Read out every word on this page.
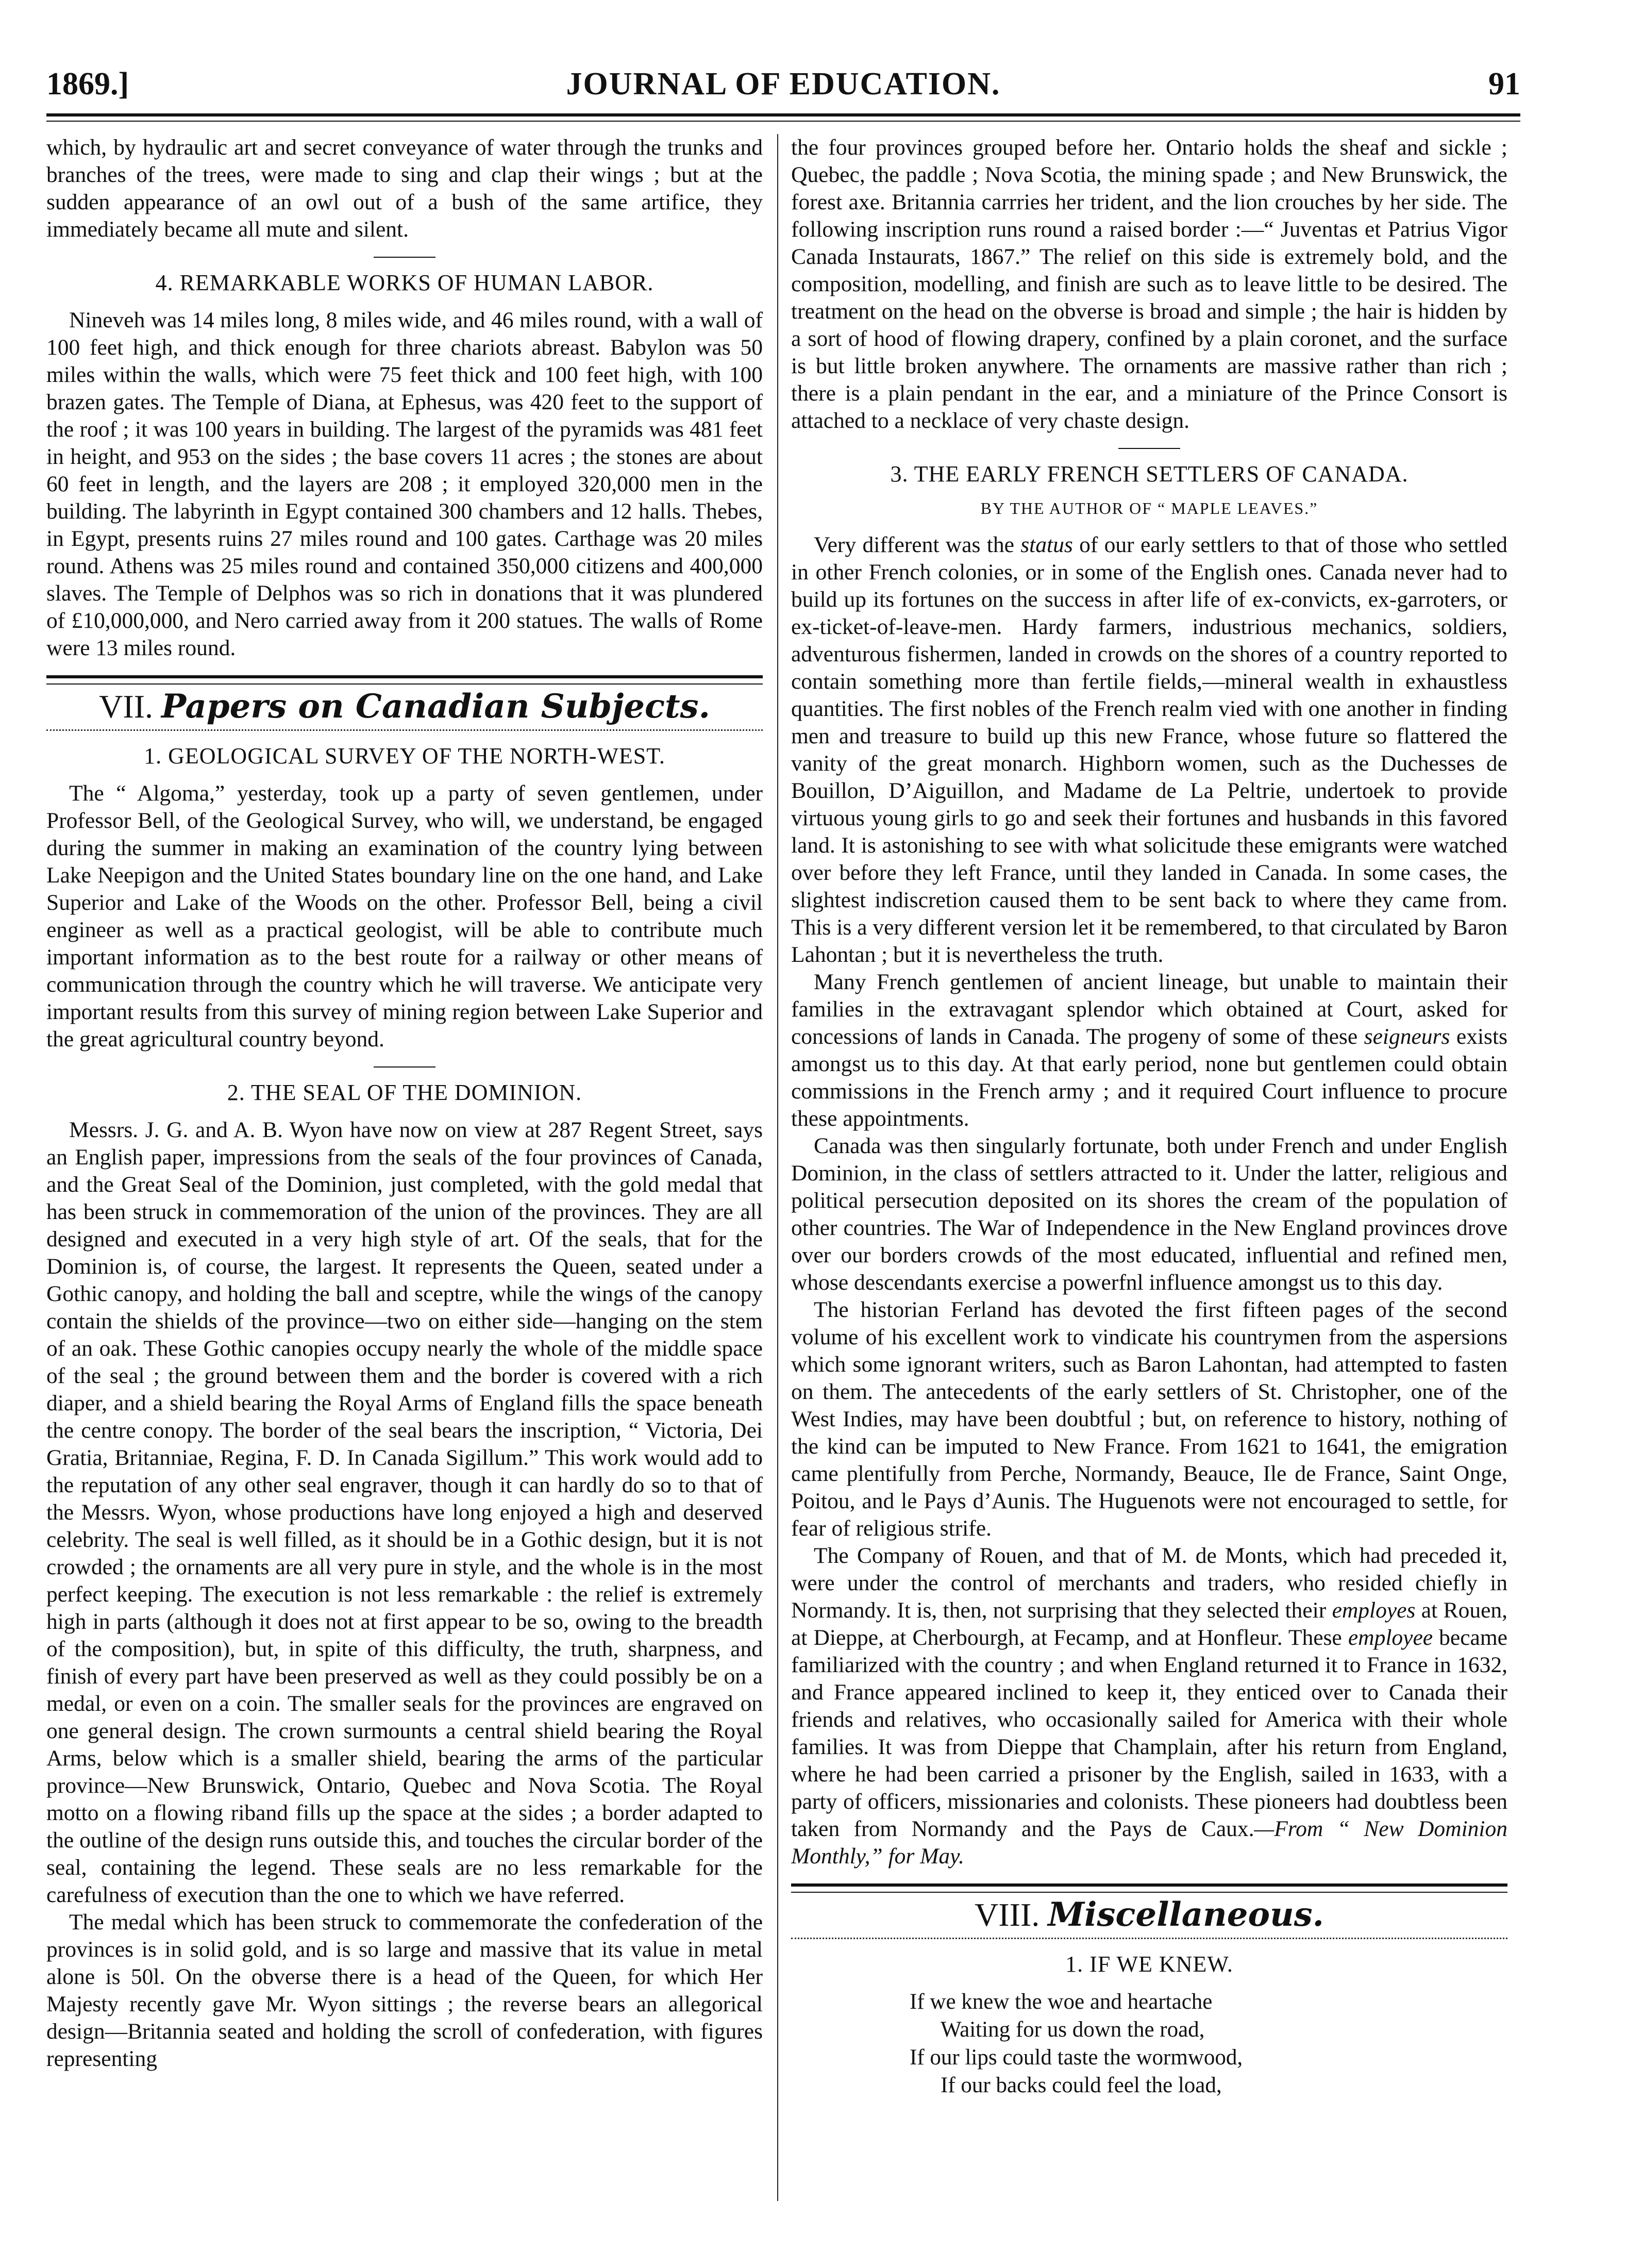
1869.]	JOURNAL OF EDUCATION.	91

which, by hydraulic art and secret conveyance of water through the trunks and branches of the trees, were made to sing and clap their wings ; but at the sudden appearance of an owl out of a bush of the same artifice, they immediately became all mute and silent.

4. REMARKABLE WORKS OF HUMAN LABOR.

Nineveh was 14 miles long, 8 miles wide, and 46 miles round, with a wall of 100 feet high, and thick enough for three chariots abreast. Babylon was 50 miles within the walls, which were 75 feet thick and 100 feet high, with 100 brazen gates. The Temple of Diana, at Ephesus, was 420 feet to the support of the roof ; it was 100 years in building. The largest of the pyramids was 481 feet in height, and 953 on the sides ; the base covers 11 acres ; the stones are about 60 feet in length, and the layers are 208 ; it employed 320,000 men in the building. The labyrinth in Egypt contained 300 chambers and 12 halls. Thebes, in Egypt, presents ruins 27 miles round and 100 gates. Carthage was 20 miles round. Athens was 25 miles round and contained 350,000 citizens and 400,000 slaves. The Temple of Delphos was so rich in donations that it was plundered of £10,000,000, and Nero carried away from it 200 statues. The walls of Rome were 13 miles round.

VII. Papers on Canadian Subjects.
1. GEOLOGICAL SURVEY OF THE NORTH-WEST.

The “ Algoma,” yesterday, took up a party of seven gentlemen, under Professor Bell, of the Geological Survey, who will, we understand, be engaged during the summer in making an examination of the country lying between Lake Neepigon and the United States boundary line on the one hand, and Lake Superior and Lake of the Woods on the other. Professor Bell, being a civil engineer as well as a practical geologist, will be able to contribute much important information as to the best route for a railway or other means of communication through the country which he will traverse. We anticipate very important results from this survey of mining region between Lake Superior and the great agricultural country beyond.

2. THE SEAL OF THE DOMINION.

Messrs. J. G. and A. B. Wyon have now on view at 287 Regent Street, says an English paper, impressions from the seals of the four provinces of Canada, and the Great Seal of the Dominion, just completed, with the gold medal that has been struck in commemoration of the union of the provinces. They are all designed and executed in a very high style of art. Of the seals, that for the Dominion is, of course, the largest. It represents the Queen, seated under a Gothic canopy, and holding the ball and sceptre, while the wings of the canopy contain the shields of the province—two on either side—hanging on the stem of an oak. These Gothic canopies occupy nearly the whole of the middle space of the seal ; the ground between them and the border is covered with a rich diaper, and a shield bearing the Royal Arms of England fills the space beneath the centre conopy. The border of the seal bears the inscription, “ Victoria, Dei Gratia, Britanniae, Regina, F. D. In Canada Sigillum.” This work would add to the reputation of any other seal engraver, though it can hardly do so to that of the Messrs. Wyon, whose productions have long enjoyed a high and deserved celebrity. The seal is well filled, as it should be in a Gothic design, but it is not crowded ; the ornaments are all very pure in style, and the whole is in the most perfect keeping. The execution is not less remarkable : the relief is extremely high in parts (although it does not at first appear to be so, owing to the breadth of the composition), but, in spite of this difficulty, the truth, sharpness, and finish of every part have been preserved as well as they could possibly be on a medal, or even on a coin. The smaller seals for the provinces are engraved on one general design. The crown surmounts a central shield bearing the Royal Arms, below which is a smaller shield, bearing the arms of the particular province—New Brunswick, Ontario, Quebec and Nova Scotia. The Royal motto on a flowing riband fills up the space at the sides ; a border adapted to the outline of the design runs outside this, and touches the circular border of the seal, containing the legend. These seals are no less remarkable for the carefulness of execution than the one to which we have referred.

The medal which has been struck to commemorate the confederation of the provinces is in solid gold, and is so large and massive that its value in metal alone is 50l. On the obverse there is a head of the Queen, for which Her Majesty recently gave Mr. Wyon sittings ; the reverse bears an allegorical design—Britannia seated and holding the scroll of confederation, with figures representing

the four provinces grouped before her. Ontario holds the sheaf and sickle ; Quebec, the paddle ; Nova Scotia, the mining spade ; and New Brunswick, the forest axe. Britannia carrries her trident, and the lion crouches by her side. The following inscription runs round a raised border :—“ Juventas et Patrius Vigor Canada Instaurats, 1867.” The relief on this side is extremely bold, and the composition, modelling, and finish are such as to leave little to be desired. The treatment on the head on the obverse is broad and simple ; the hair is hidden by a sort of hood of flowing drapery, confined by a plain coronet, and the surface is but little broken anywhere. The ornaments are massive rather than rich ; there is a plain pendant in the ear, and a miniature of the Prince Consort is attached to a necklace of very chaste design.

3. THE EARLY FRENCH SETTLERS OF CANADA.
BY THE AUTHOR OF “ MAPLE LEAVES.”

Very different was the status of our early settlers to that of those who settled in other French colonies, or in some of the English ones. Canada never had to build up its fortunes on the success in after life of ex-convicts, ex-garroters, or ex-ticket-of-leave-men. Hardy farmers, industrious mechanics, soldiers, adventurous fishermen, landed in crowds on the shores of a country reported to contain something more than fertile fields,—mineral wealth in exhaustless quantities. The first nobles of the French realm vied with one another in finding men and treasure to build up this new France, whose future so flattered the vanity of the great monarch. Highborn women, such as the Duchesses de Bouillon, D’Aiguillon, and Madame de La Peltrie, undertoek to provide virtuous young girls to go and seek their fortunes and husbands in this favored land. It is astonishing to see with what solicitude these emigrants were watched over before they left France, until they landed in Canada. In some cases, the slightest indiscretion caused them to be sent back to where they came from. This is a very different version let it be remembered, to that circulated by Baron Lahontan ; but it is nevertheless the truth.

Many French gentlemen of ancient lineage, but unable to maintain their families in the extravagant splendor which obtained at Court, asked for concessions of lands in Canada. The progeny of some of these seigneurs exists amongst us to this day. At that early period, none but gentlemen could obtain commissions in the French army ; and it required Court influence to procure these appointments.

Canada was then singularly fortunate, both under French and under English Dominion, in the class of settlers attracted to it. Under the latter, religious and political persecution deposited on its shores the cream of the population of other countries. The War of Independence in the New England provinces drove over our borders crowds of the most educated, influential and refined men, whose descendants exercise a powerfnl influence amongst us to this day.

The historian Ferland has devoted the first fifteen pages of the second volume of his excellent work to vindicate his countrymen from the aspersions which some ignorant writers, such as Baron Lahontan, had attempted to fasten on them. The antecedents of the early settlers of St. Christopher, one of the West Indies, may have been doubtful ; but, on reference to history, nothing of the kind can be imputed to New France. From 1621 to 1641, the emigration came plentifully from Perche, Normandy, Beauce, Ile de France, Saint Onge, Poitou, and le Pays d’Aunis. The Huguenots were not encouraged to settle, for fear of religious strife.

The Company of Rouen, and that of M. de Monts, which had preceded it, were under the control of merchants and traders, who resided chiefly in Normandy. It is, then, not surprising that they selected their employes at Rouen, at Dieppe, at Cherbourgh, at Fecamp, and at Honfleur. These employee became familiarized with the country ; and when England returned it to France in 1632, and France appeared inclined to keep it, they enticed over to Canada their friends and relatives, who occasionally sailed for America with their whole families. It was from Dieppe that Champlain, after his return from England, where he had been carried a prisoner by the English, sailed in 1633, with a party of officers, missionaries and colonists. These pioneers had doubtless been taken from Normandy and the Pays de Caux.—From “ New Dominion Monthly,” for May.

VIII. Miscellaneous.
1. IF WE KNEW.
If we knew the woe and heartache
Waiting for us down the road,
If our lips could taste the wormwood,
If our backs could feel the load,
